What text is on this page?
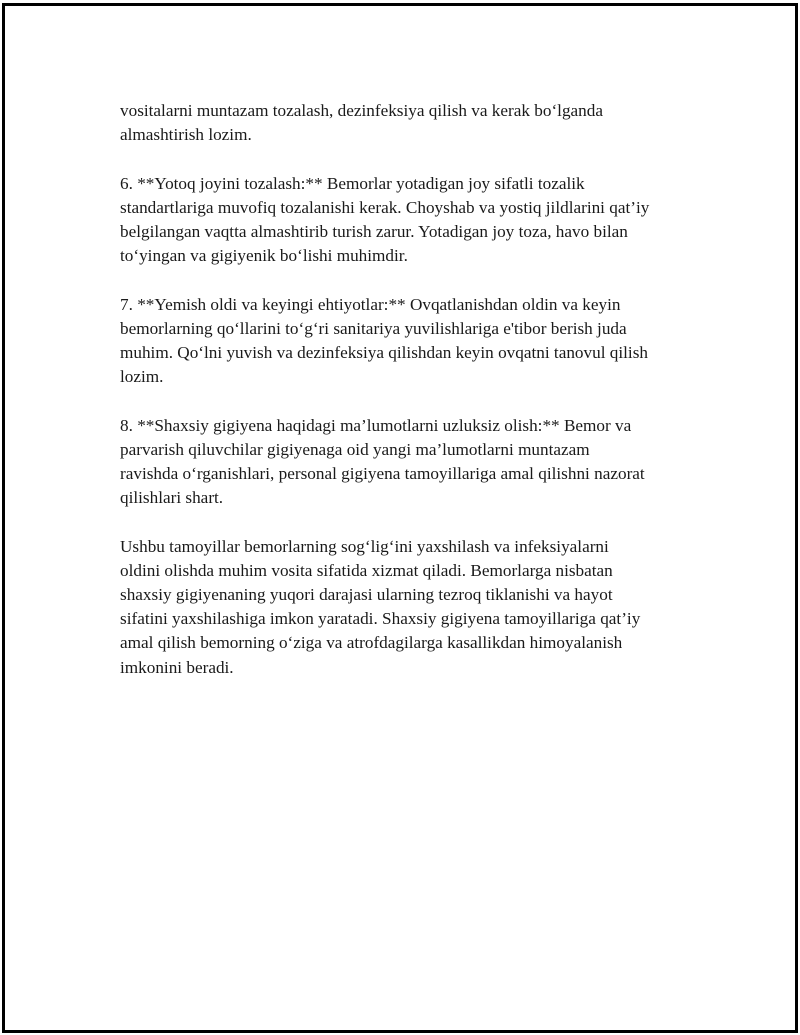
vositalarni muntazam tozalash, dezinfeksiya qilish va kerak bo‘lganda
almashtirish lozim.

6. **Yotoq joyini tozalash:** Bemorlar yotadigan joy sifatli tozalik
standartlariga muvofiq tozalanishi kerak. Choyshab va yostiq jildlarini qat’iy
belgilangan vaqtta almashtirib turish zarur. Yotadigan joy toza, havo bilan
to‘yingan va gigiyenik bo‘lishi muhimdir.

7. **Yemish oldi va keyingi ehtiyotlar:** Ovqatlanishdan oldin va keyin
bemorlarning qo‘llarini to‘g‘ri sanitariya yuvilishlariga e'tibor berish juda
muhim. Qo‘lni yuvish va dezinfeksiya qilishdan keyin ovqatni tanovul qilish
lozim.

8. **Shaxsiy gigiyena haqidagi ma’lumotlarni uzluksiz olish:** Bemor va
parvarish qiluvchilar gigiyenaga oid yangi ma’lumotlarni muntazam
ravishda o‘rganishlari, personal gigiyena tamoyillariga amal qilishni nazorat
qilishlari shart.

Ushbu tamoyillar bemorlarning sog‘lig‘ini yaxshilash va infeksiyalarni
oldini olishda muhim vosita sifatida xizmat qiladi. Bemorlarga nisbatan
shaxsiy gigiyenaning yuqori darajasi ularning tezroq tiklanishi va hayot
sifatini yaxshilashiga imkon yaratadi. Shaxsiy gigiyena tamoyillariga qat’iy
amal qilish bemorning o‘ziga va atrofdagilarga kasallikdan himoyalanish
imkonini beradi.
